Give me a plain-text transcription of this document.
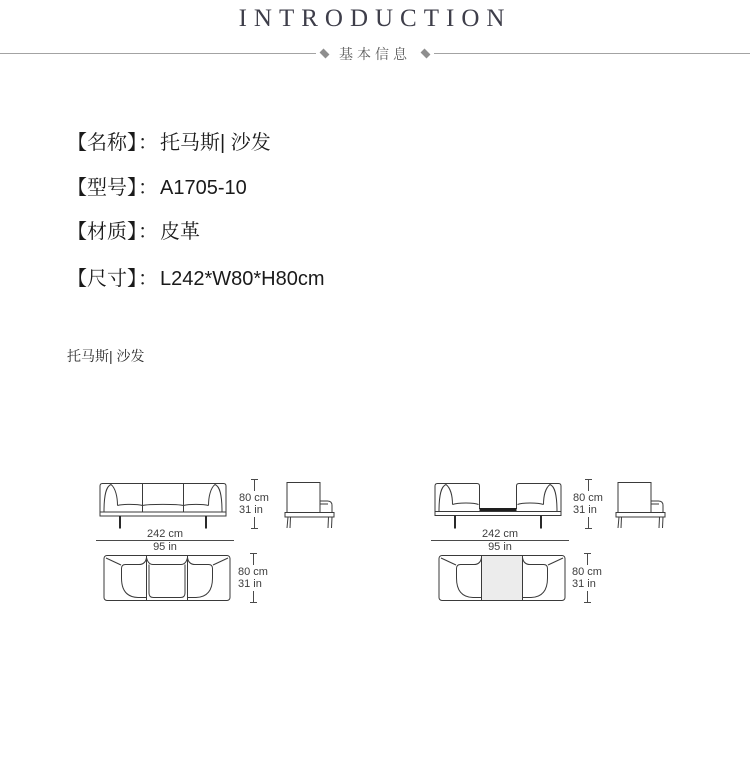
INTRODUCTION
基本信息
【名称】： 托马斯| 沙发
【型号】： A1705-10
【材质】： 皮革
【尺寸】： L242*W80*H80cm
托马斯| 沙发
80 cm
31 in
242 cm
95 in
80 cm
31 in
80 cm
31 in
242 cm
95 in
80 cm
31 in
